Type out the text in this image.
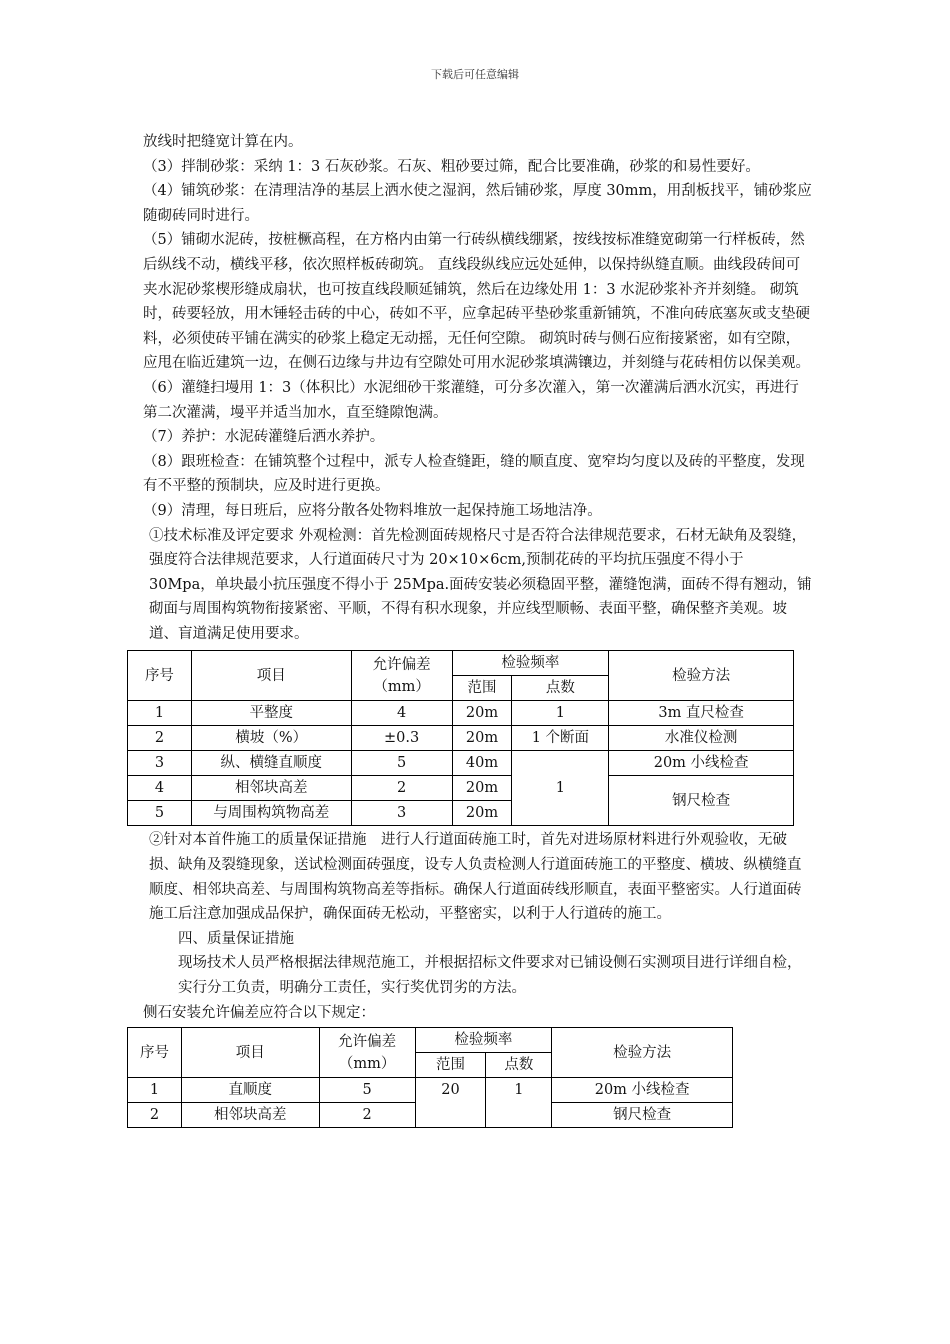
下载后可任意编辑

放线时把缝宽计算在内。

（3）拌制砂浆：采纳 1：3 石灰砂浆。石灰、粗砂要过筛，配合比要准确，砂浆的和易性要好。

（4）铺筑砂浆：在清理洁净的基层上洒水使之湿润，然后铺砂浆，厚度 30mm，用刮板找平，铺砂浆应随砌砖同时进行。

（5）铺砌水泥砖，按桩橛高程，在方格内由第一行砖纵横线绷紧，按线按标准缝宽砌第一行样板砖，然后纵线不动，横线平移，依次照样板砖砌筑。 直线段纵线应远处延伸，以保持纵缝直顺。曲线段砖间可夹水泥砂浆楔形缝成扇状，也可按直线段顺延铺筑，然后在边缘处用 1：3 水泥砂浆补齐并刻缝。 砌筑时，砖要轻放，用木锤轻击砖的中心，砖如不平，应拿起砖平垫砂浆重新铺筑，不准向砖底塞灰或支垫硬料，必须使砖平铺在满实的砂浆上稳定无动摇，无任何空隙。 砌筑时砖与侧石应衔接紧密，如有空隙，应甩在临近建筑一边，在侧石边缘与井边有空隙处可用水泥砂浆填满镶边，并刻缝与花砖相仿以保美观。

（6）灌缝扫墁用 1：3（体积比）水泥细砂干浆灌缝，可分多次灌入，第一次灌满后洒水沉实，再进行第二次灌满，墁平并适当加水，直至缝隙饱满。

（7）养护：水泥砖灌缝后洒水养护。

（8）跟班检查：在铺筑整个过程中，派专人检查缝距，缝的顺直度、宽窄均匀度以及砖的平整度，发现有不平整的预制块，应及时进行更换。

（9）清理，每日班后，应将分散各处物料堆放一起保持施工场地洁净。

①技术标准及评定要求 外观检测：首先检测面砖规格尺寸是否符合法律规范要求，石材无缺角及裂缝，强度符合法律规范要求，人行道面砖尺寸为 20×10×6cm,预制花砖的平均抗压强度不得小于 30Mpa，单块最小抗压强度不得小于 25Mpa.面砖安装必须稳固平整，灌缝饱满，面砖不得有翘动，铺砌面与周围构筑物衔接紧密、平顺，不得有积水现象，并应线型顺畅、表面平整，确保整齐美观。坡道、盲道满足使用要求。

序号	项目	允许偏差
（mm）	检验频率		检验方法
			范围	点数	
1	平整度	4	20m	1	3m 直尺检查
2	横坡（%）	±0.3	20m	1 个断面	水准仪检测
3	纵、横缝直顺度	5	40m	1	20m 小线检查
4	相邻块高差	2	20m		钢尺检查
5	与周围构筑物高差	3	20m		

②针对本首件施工的质量保证措施　进行人行道面砖施工时，首先对进场原材料进行外观验收，无破损、缺角及裂缝现象，送试检测面砖强度，设专人负责检测人行道面砖施工的平整度、横坡、纵横缝直顺度、相邻块高差、与周围构筑物高差等指标。确保人行道面砖线形顺直，表面平整密实。人行道面砖施工后注意加强成品保护，确保面砖无松动，平整密实，以利于人行道砖的施工。

四、质量保证措施

现场技术人员严格根据法律规范施工，并根据招标文件要求对已铺设侧石实测项目进行详细自检，实行分工负责，明确分工责任，实行奖优罚劣的方法。

侧石安装允许偏差应符合以下规定：

序号	项目	允许偏差
（mm）	检验频率		检验方法
			范围	点数	
1	直顺度	5	20	1	20m 小线检查
2	相邻块高差	2			钢尺检查
